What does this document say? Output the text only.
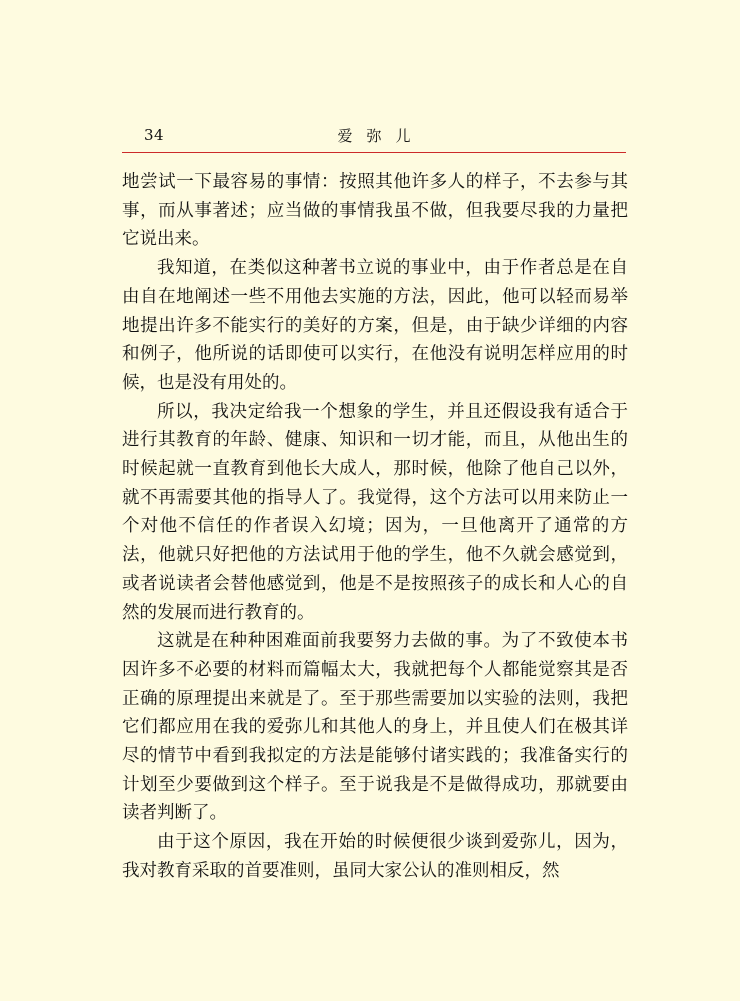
34	爱弥儿

地尝试一下最容易的事情：按照其他许多人的样子，不去参与其事，而从事著述；应当做的事情我虽不做，但我要尽我的力量把它说出来。

我知道，在类似这种著书立说的事业中，由于作者总是在自由自在地阐述一些不用他去实施的方法，因此，他可以轻而易举地提出许多不能实行的美好的方案，但是，由于缺少详细的内容和例子，他所说的话即使可以实行，在他没有说明怎样应用的时候，也是没有用处的。

所以，我决定给我一个想象的学生，并且还假设我有适合于进行其教育的年龄、健康、知识和一切才能，而且，从他出生的时候起就一直教育到他长大成人，那时候，他除了他自己以外，就不再需要其他的指导人了。我觉得，这个方法可以用来防止一个对他不信任的作者误入幻境；因为，一旦他离开了通常的方法，他就只好把他的方法试用于他的学生，他不久就会感觉到，或者说读者会替他感觉到，他是不是按照孩子的成长和人心的自然的发展而进行教育的。

这就是在种种困难面前我要努力去做的事。为了不致使本书因许多不必要的材料而篇幅太大，我就把每个人都能觉察其是否正确的原理提出来就是了。至于那些需要加以实验的法则，我把它们都应用在我的爱弥儿和其他人的身上，并且使人们在极其详尽的情节中看到我拟定的方法是能够付诸实践的；我准备实行的计划至少要做到这个样子。至于说我是不是做得成功，那就要由读者判断了。

由于这个原因，我在开始的时候便很少谈到爱弥儿，因为，我对教育采取的首要准则，虽同大家公认的准则相反，然
